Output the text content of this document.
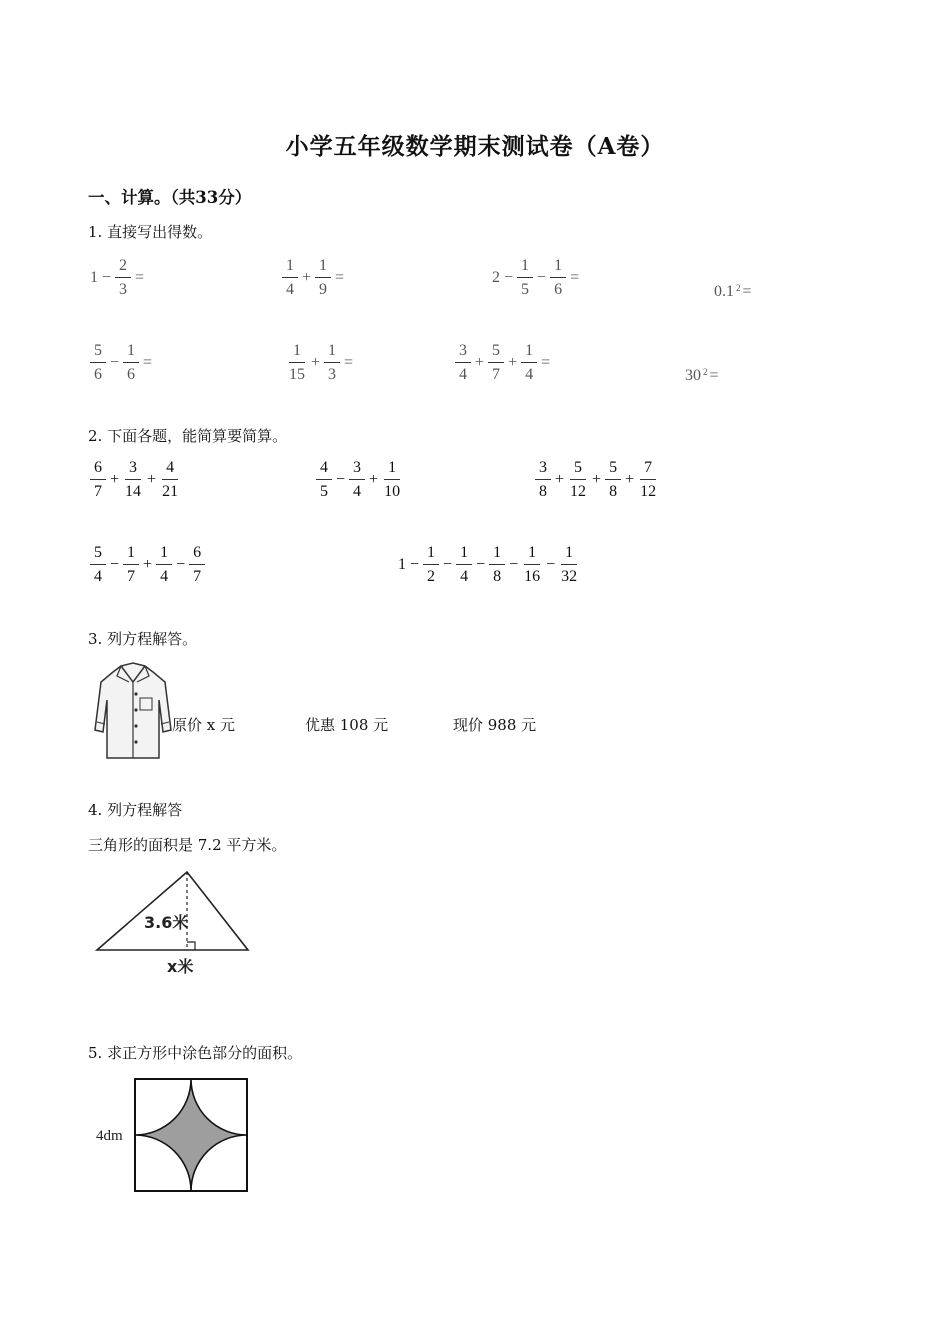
小学五年级数学期末测试卷（A卷）
一、计算。（共33分）
1. 直接写出得数。
$1 - \frac{2}{3}$ =	$\frac{1}{4} + \frac{1}{9}$ =	$2 - \frac{1}{5} - \frac{1}{6}$ =
$0.1^2$ =
$\frac{5}{6} - \frac{1}{6}$ =	$\frac{1}{15} + \frac{1}{3}$ =	$\frac{3}{4} + \frac{5}{7} + \frac{1}{4}$ =
$30^2$ =
2. 下面各题，能简算要简算。
$\frac{6}{7} + \frac{3}{14} + \frac{4}{21}$	$\frac{4}{5} - \frac{3}{4} + \frac{1}{10}$	$\frac{3}{8} + \frac{5}{12} + \frac{5}{8} + \frac{7}{12}$
$\frac{5}{4} - \frac{1}{7} + \frac{1}{4} - \frac{6}{7}$	$1 - \frac{1}{2} - \frac{1}{4} - \frac{1}{8} - \frac{1}{16} - \frac{1}{32}$
3. 列方程解答。
原价 x 元	优惠 108 元	现价 988 元
4. 列方程解答
三角形的面积是 7.2 平方米。
3.6米
x米
5. 求正方形中涂色部分的面积。
4dm
